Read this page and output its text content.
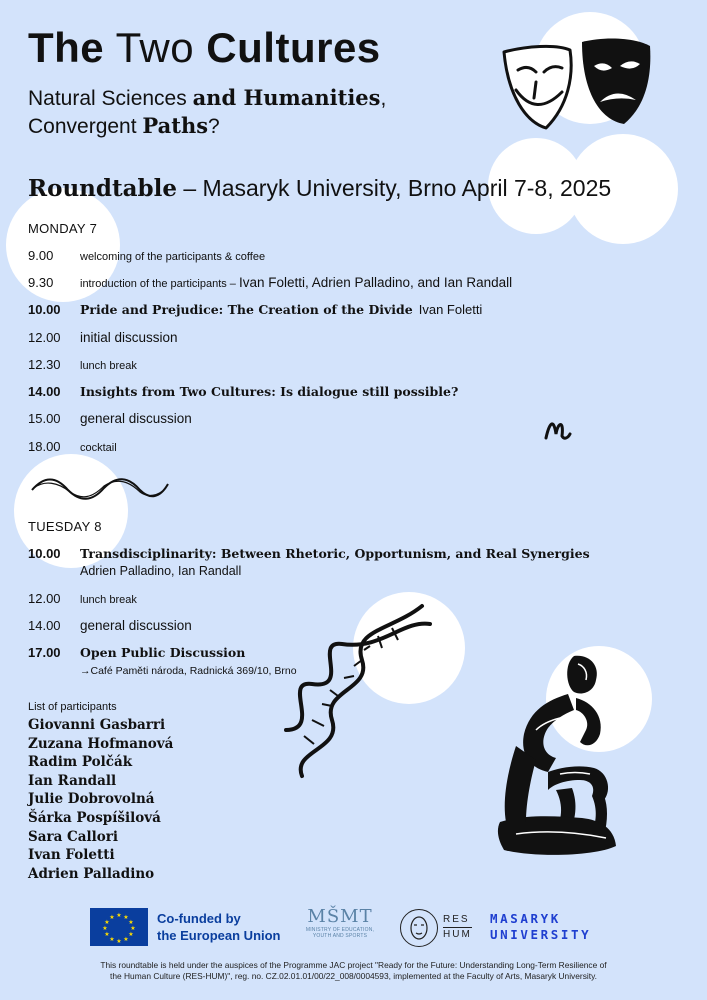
The Two Cultures
Natural Sciences and Humanities,
Convergent Paths?
Roundtable – Masaryk University, Brno April 7-8, 2025
MONDAY 7
9.00	welcoming of the participants & coffee
9.30	introduction of the participants – Ivan Foletti, Adrien Palladino, and Ian Randall
10.00	Pride and Prejudice: The Creation of the Divide Ivan Foletti
12.00	initial discussion
12.30	lunch break
14.00	Insights from Two Cultures: Is dialogue still possible?
15.00	general discussion
18.00	cocktail
TUESDAY 8
10.00	Transdisciplinarity: Between Rhetoric, Opportunism, and Real Synergies
Adrien Palladino, Ian Randall
12.00	lunch break
14.00	general discussion
17.00	Open Public Discussion
→Café Paměti národa, Radnická 369/10, Brno
List of participants
Giovanni Gasbarri
Zuzana Hofmanová
Radim Polčák
Ian Randall
Julie Dobrovolná
Šárka Pospíšilová
Sara Callori
Ivan Foletti
Adrien Palladino
★ ★
★
★
★
★
★
★
★
★
★
★	Co-funded by
the European Union
MŠMT
MINISTRY OF EDUCATION,
YOUTH AND SPORTS
RES
HUM
MASARYK
UNIVERSITY
This roundtable is held under the auspices of the Programme JAC project "Ready for the Future: Understanding Long-Term Resilience of
the Human Culture (RES-HUM)", reg. no. CZ.02.01.01/00/22_008/0004593, implemented at the Faculty of Arts, Masaryk University.
